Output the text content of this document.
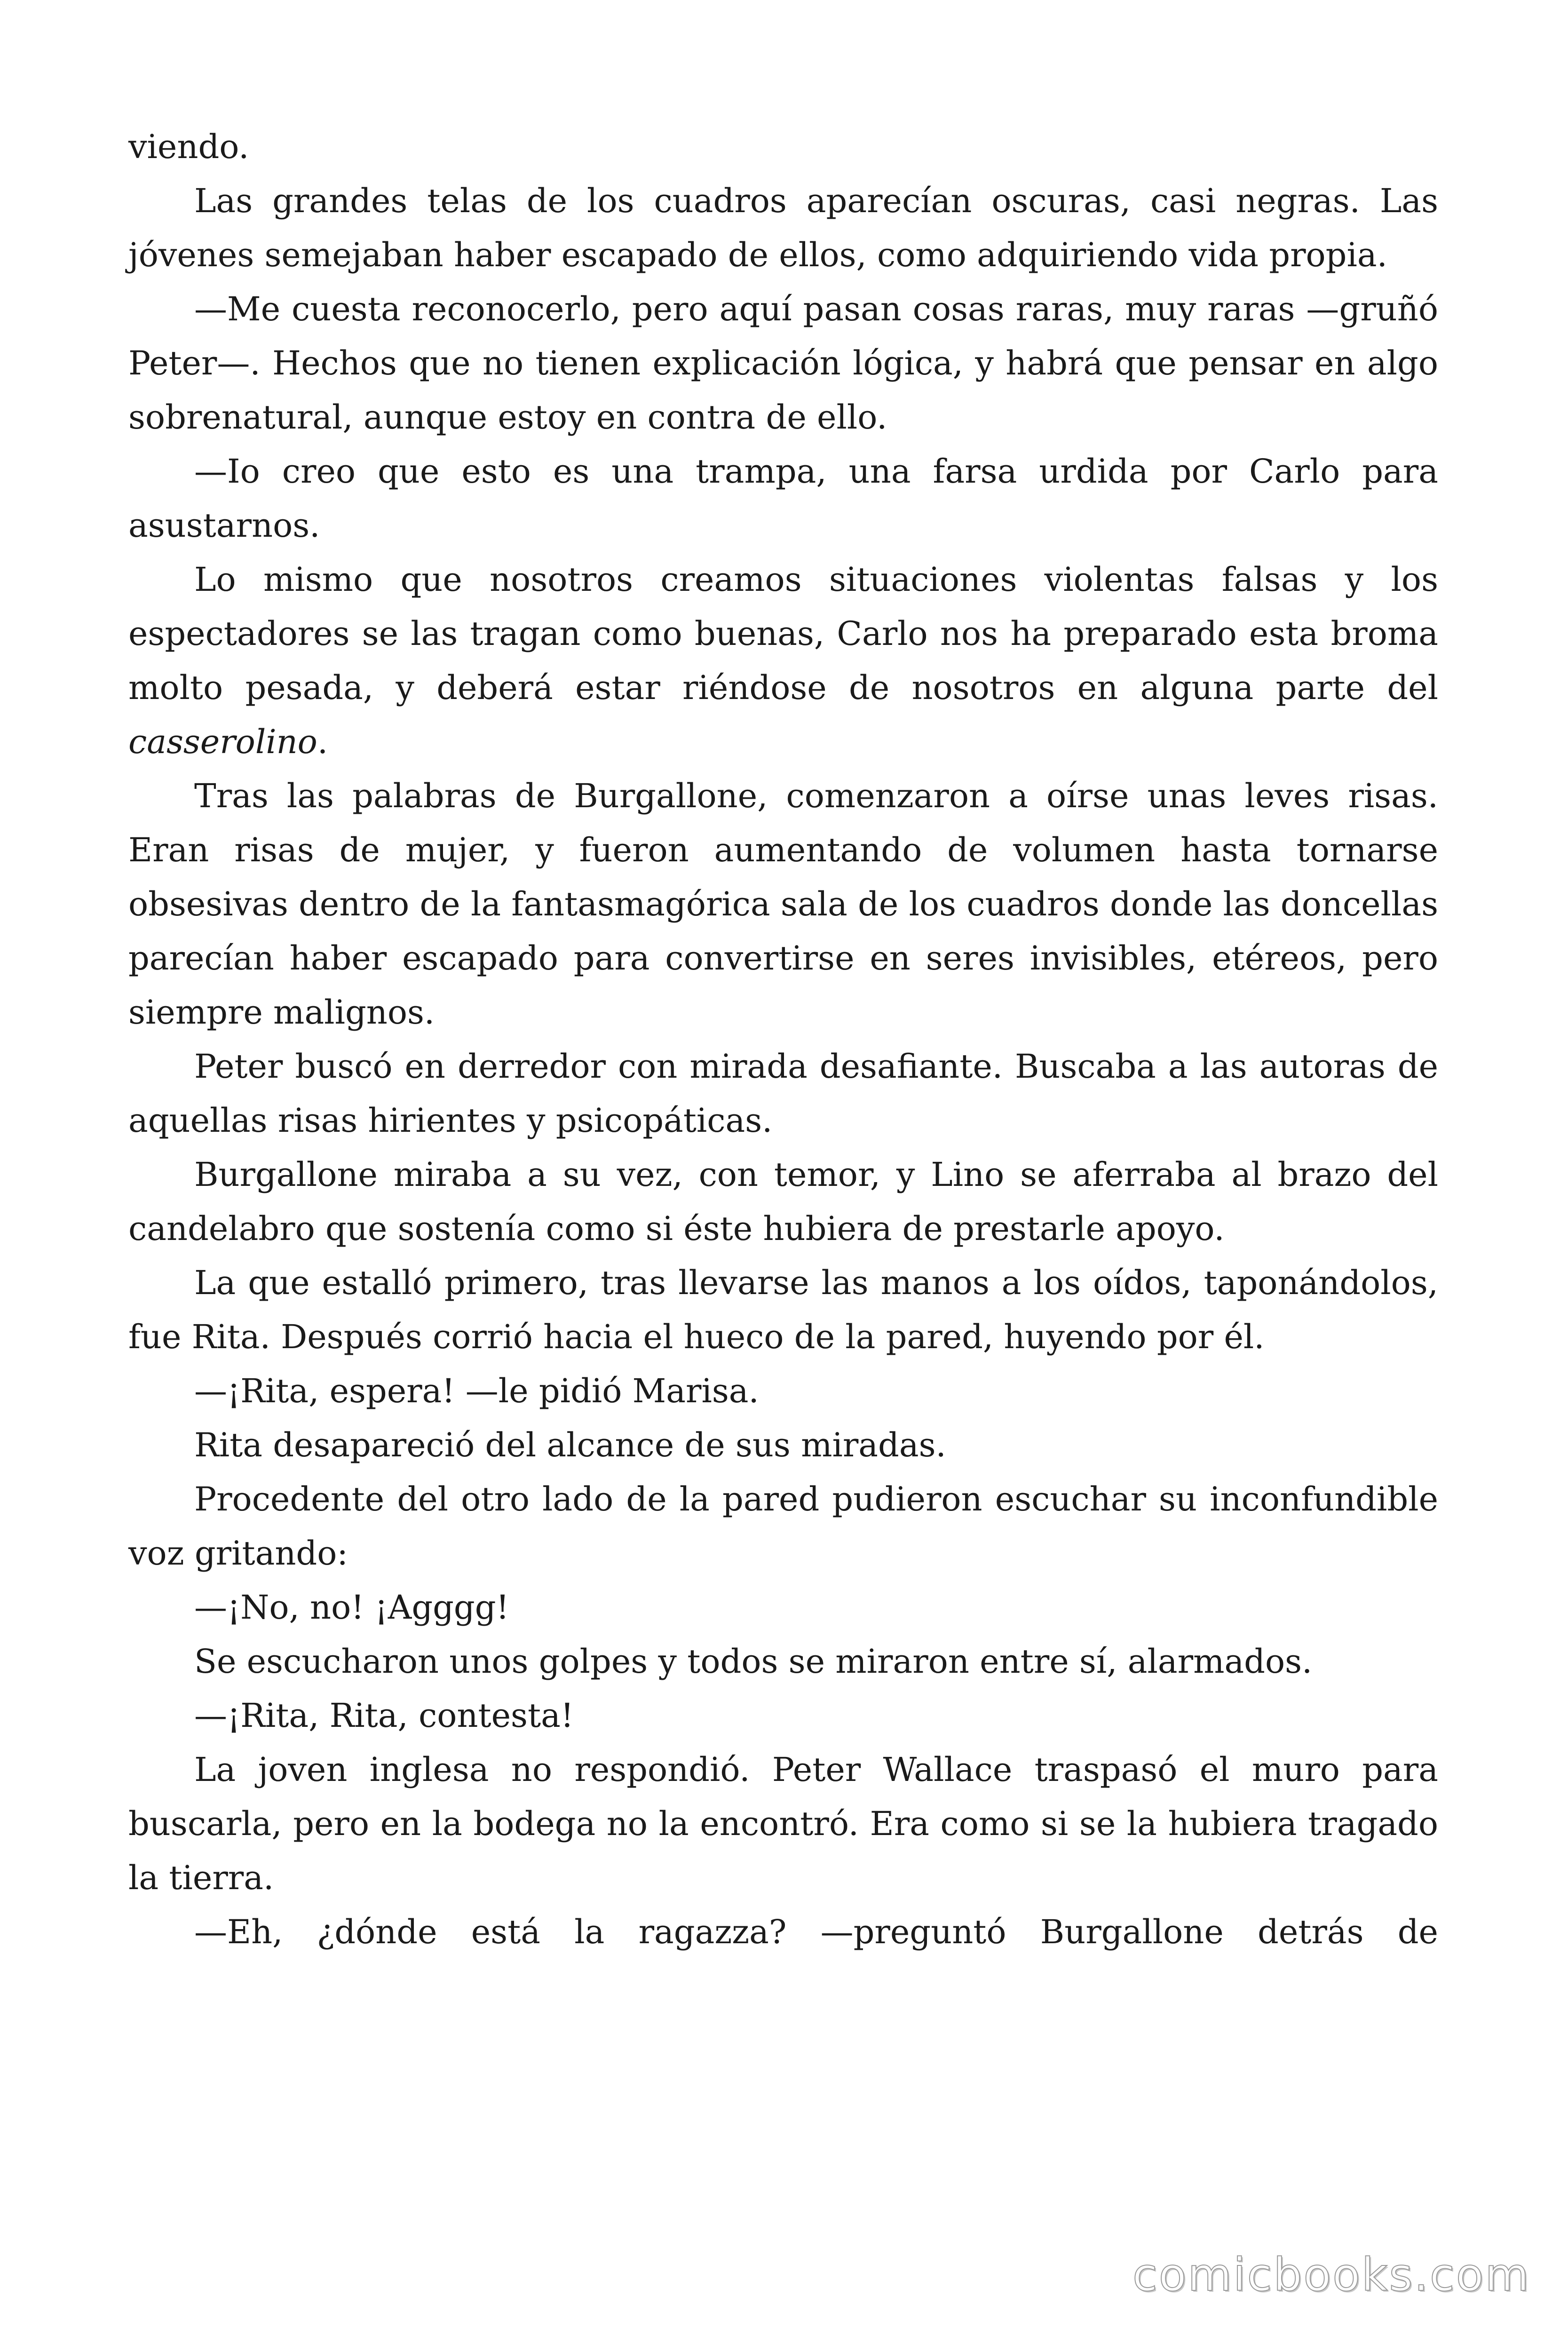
viendo.

Las grandes telas de los cuadros aparecían oscuras, casi negras. Las jóvenes semejaban haber escapado de ellos, como adquiriendo vida propia.

—Me cuesta reconocerlo, pero aquí pasan cosas raras, muy raras —gruñó Peter—. Hechos que no tienen explicación lógica, y habrá que pensar en algo sobrenatural, aunque estoy en contra de ello.

—Io creo que esto es una trampa, una farsa urdida por Carlo para asustarnos.

Lo mismo que nosotros creamos situaciones violentas falsas y los espectadores se las tragan como buenas, Carlo nos ha preparado esta broma molto pesada, y deberá estar riéndose de nosotros en alguna parte del casserolino.

Tras las palabras de Burgallone, comenzaron a oírse unas leves risas. Eran risas de mujer, y fueron aumentando de volumen hasta tornarse obsesivas dentro de la fantasmagórica sala de los cuadros donde las doncellas parecían haber escapado para convertirse en seres invisibles, etéreos, pero siempre malignos.

Peter buscó en derredor con mirada desafiante. Buscaba a las autoras de aquellas risas hirientes y psicopáticas.

Burgallone miraba a su vez, con temor, y Lino se aferraba al brazo del candelabro que sostenía como si éste hubiera de prestarle apoyo.

La que estalló primero, tras llevarse las manos a los oídos, taponándolos, fue Rita. Después corrió hacia el hueco de la pared, huyendo por él.

—¡Rita, espera! —le pidió Marisa.

Rita desapareció del alcance de sus miradas.

Procedente del otro lado de la pared pudieron escuchar su inconfundible voz gritando:

—¡No, no! ¡Agggg!

Se escucharon unos golpes y todos se miraron entre sí, alarmados.

—¡Rita, Rita, contesta!

La joven inglesa no respondió. Peter Wallace traspasó el muro para buscarla, pero en la bodega no la encontró. Era como si se la hubiera tragado la tierra.

—Eh, ¿dónde está la ragazza? —preguntó Burgallone detrás de

comicbooks.com
